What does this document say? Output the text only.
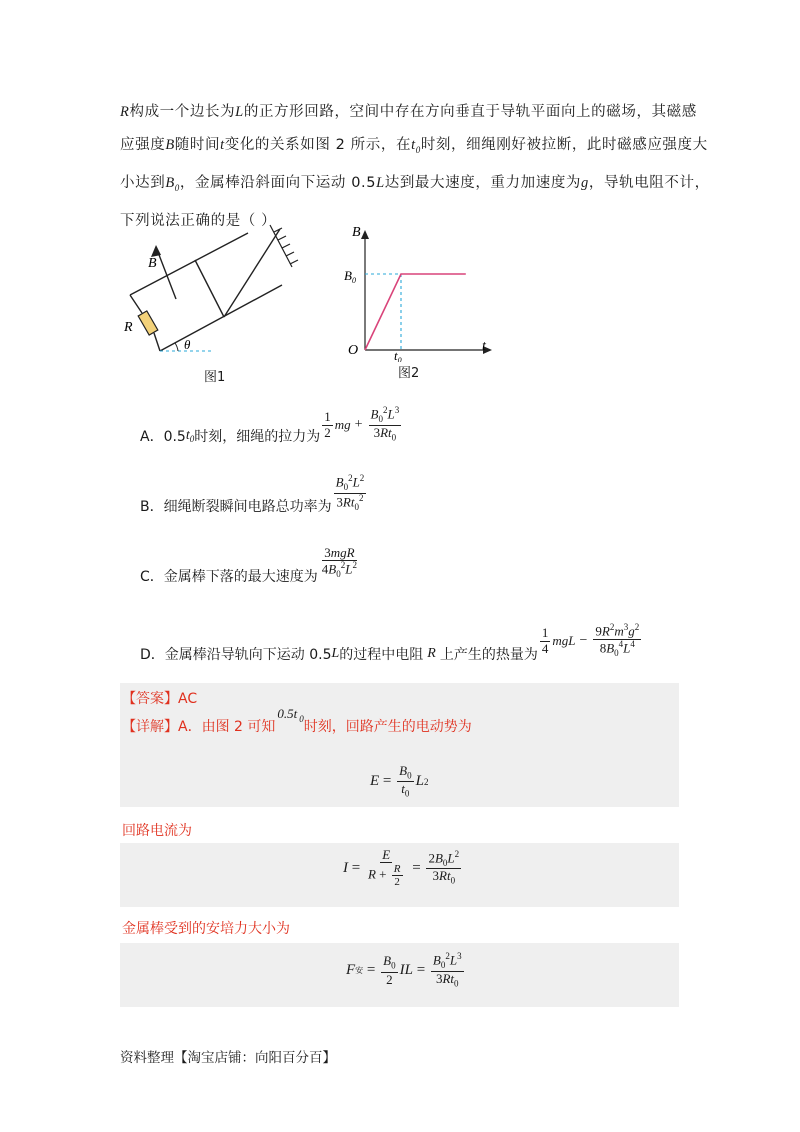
R构成一个边长为L的正方形回路，空间中存在方向垂直于导轨平面向上的磁场，其磁感
应强度B随时间t变化的关系如图 2 所示，在$t_0$时刻，细绳刚好被拉断，此时磁感应强度大
小达到$B_0$，金属棒沿斜面向下运动 0.5L达到最大速度，重力加速度为g，导轨电阻不计，
下列说法正确的是（ ）
B
R
θ
图1
B
$B_0$
O	$t_0$
t
图2
A．0.5 $t_0$ 时刻，细绳的拉力为 $\frac{1}{2}$ mg + $\frac{B_0^2L^3}{3Rt_0}$
B．细绳断裂瞬间电路总功率为 $\frac{B_0^2L^2}{3Rt_0^2}$
C．金属棒下落的最大速度为 $\frac{\text{3mgR}}{4B_0^2L^2}$
D．金属棒沿导轨向下运动 0.5 L 的过程中电阻 R 上产生的热量为 $\frac{1}{4}$ mgL − $\frac{9R^2m^3g^2}{8B_0^4L^4}$
【答案】AC
【详解】A．由图 2 可知
$0.5t_0$ 时刻，回路产生的电动势为
$E = \frac{B_0}{t_0}$ L 2
回路电流为
$I = \frac{E}{R + \frac{R}{2}} = \frac{2B_0L^2}{3Rt_0}$
金属棒受到的安培力大小为
F 安 = $\frac{B_0}{2}$ IL = $\frac{B_0^2L^3}{3Rt_0}$
资料整理【淘宝店铺：向阳百分百】
